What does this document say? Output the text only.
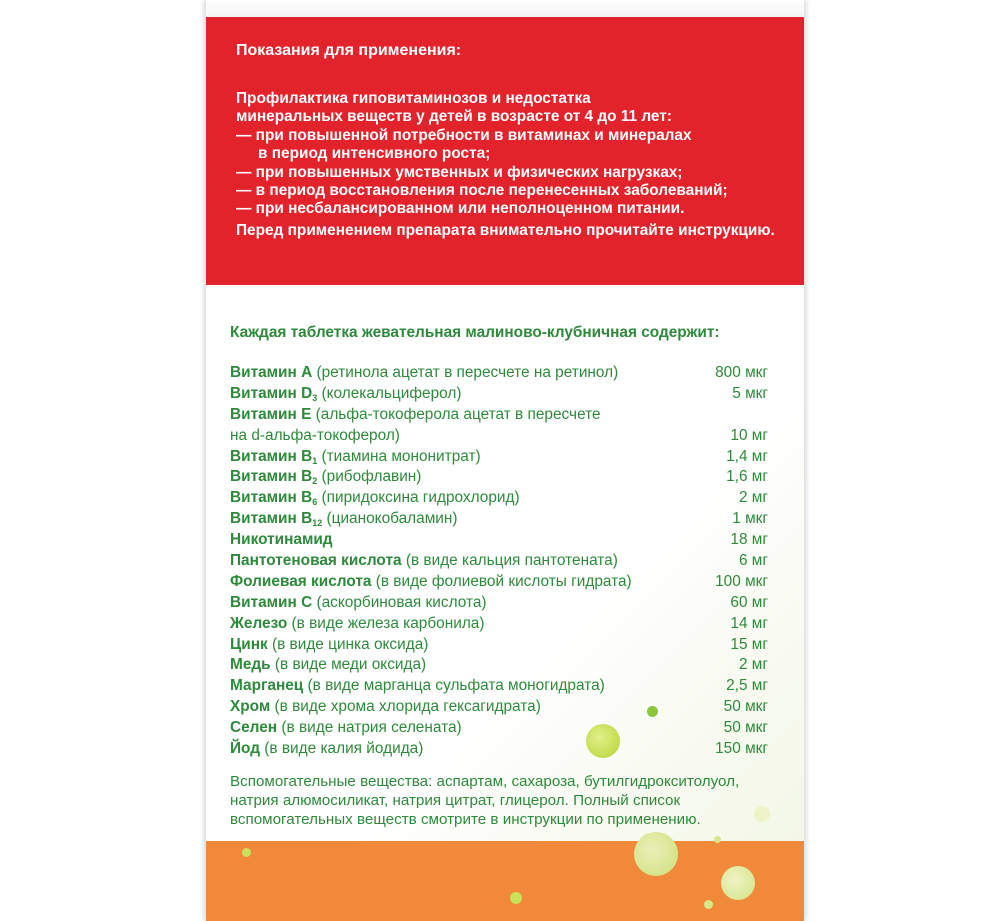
Показания для применения:
Профилактика гиповитаминозов и недостатка
минеральных веществ у детей в возрасте от 4 до 11 лет:
— при повышенной потребности в витаминах и минералах
в период интенсивного роста;
— при повышенных умственных и физических нагрузках;
— в период восстановления после перенесенных заболеваний;
— при несбалансированном или неполноценном питании.
Перед применением препарата внимательно прочитайте инструкцию.
Каждая таблетка жевательная малиново-клубничная содержит:
Витамин A (ретинола ацетат в пересчете на ретинол)	800 мкг
Витамин $D_3$ (колекальциферол)	5 мкг
Витамин E (альфа-токоферола ацетат в пересчете
на d-альфа-токоферол)	10 мг
Витамин $B_1$ (тиамина мононитрат)	1,4 мг
Витамин $B_2$ (рибофлавин)	1,6 мг
Витамин $B_6$ (пиридоксина гидрохлорид)	2 мг
Витамин $B_{12}$ (цианокобаламин)	1 мкг
Никотинамид	18 мг
Пантотеновая кислота (в виде кальция пантотената)	6 мг
Фолиевая кислота (в виде фолиевой кислоты гидрата)	100 мкг
Витамин C (аскорбиновая кислота)	60 мг
Железо (в виде железа карбонила)	14 мг
Цинк (в виде цинка оксида)	15 мг
Медь (в виде меди оксида)	2 мг
Марганец (в виде марганца сульфата моногидрата)	2,5 мг
Хром (в виде хрома хлорида гексагидрата)	50 мкг
Селен (в виде натрия селената)	50 мкг
Йод (в виде калия йодида)	150 мкг
Вспомогательные вещества: аспартам, сахароза, бутилгидрокситолуол,
натрия алюмосиликат, натрия цитрат, глицерол. Полный список
вспомогательных веществ смотрите в инструкции по применению.
